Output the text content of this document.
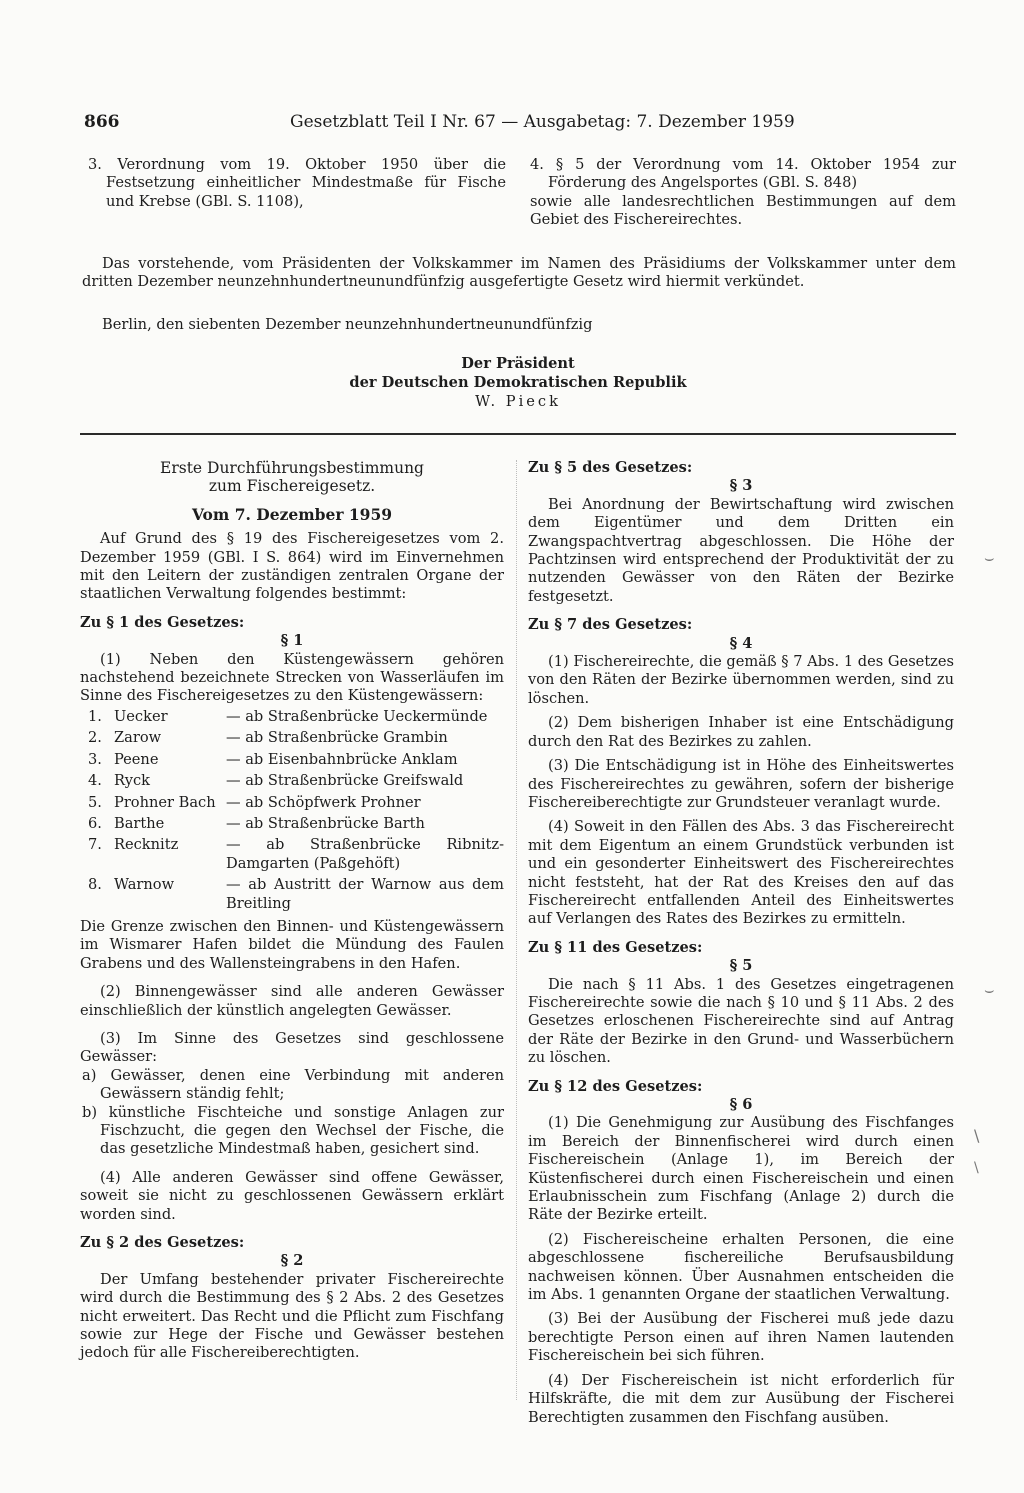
866	Gesetzblatt Teil I Nr. 67 — Ausgabetag: 7. Dezember 1959

3. Verordnung vom 19. Oktober 1950 über die Festsetzung einheitlicher Mindestmaße für Fische und Krebse (GBl. S. 1108),

4. § 5 der Verordnung vom 14. Oktober 1954 zur Förderung des Angelsportes (GBl. S. 848)

sowie alle landesrechtlichen Bestimmungen auf dem Gebiet des Fischereirechtes.

Das vorstehende, vom Präsidenten der Volkskammer im Namen des Präsidiums der Volkskammer unter dem dritten Dezember neunzehnhundertneunundfünfzig ausgefertigte Gesetz wird hiermit verkündet.

Berlin, den siebenten Dezember neunzehnhundertneunundfünfzig

Der Präsident

der Deutschen Demokratischen Republik

W. Pieck

Erste Durchführungsbestimmung

zum Fischereigesetz.

Vom 7. Dezember 1959

Auf Grund des § 19 des Fischereigesetzes vom 2. Dezember 1959 (GBl. I S. 864) wird im Einvernehmen mit den Leitern der zuständigen zentralen Organe der staatlichen Verwaltung folgendes bestimmt:

Zu § 1 des Gesetzes:

§ 1

(1) Neben den Küstengewässern gehören nachstehend bezeichnete Strecken von Wasserläufen im Sinne des Fischereigesetzes zu den Küstengewässern:

1.	Uecker	— ab Straßenbrücke Ueckermünde
2.	Zarow	— ab Straßenbrücke Grambin
3.	Peene	— ab Eisenbahnbrücke Anklam
4.	Ryck	— ab Straßenbrücke Greifswald
5.	Prohner Bach	— ab Schöpfwerk Prohner
6.	Barthe	— ab Straßenbrücke Barth
7.	Recknitz	— ab Straßenbrücke Ribnitz-Damgarten (Paßgehöft)
8.	Warnow	— ab Austritt der Warnow aus dem Breitling

Die Grenze zwischen den Binnen- und Küstengewässern im Wismarer Hafen bildet die Mündung des Faulen Grabens und des Wallensteingrabens in den Hafen.

(2) Binnengewässer sind alle anderen Gewässer einschließlich der künstlich angelegten Gewässer.

(3) Im Sinne des Gesetzes sind geschlossene Gewässer:

a) Gewässer, denen eine Verbindung mit anderen Gewässern ständig fehlt;

b) künstliche Fischteiche und sonstige Anlagen zur Fischzucht, die gegen den Wechsel der Fische, die das gesetzliche Mindestmaß haben, gesichert sind.

(4) Alle anderen Gewässer sind offene Gewässer, soweit sie nicht zu geschlossenen Gewässern erklärt worden sind.

Zu § 2 des Gesetzes:

§ 2

Der Umfang bestehender privater Fischereirechte wird durch die Bestimmung des § 2 Abs. 2 des Gesetzes nicht erweitert. Das Recht und die Pflicht zum Fischfang sowie zur Hege der Fische und Gewässer bestehen jedoch für alle Fischereiberechtigten.

Zu § 5 des Gesetzes:

§ 3

Bei Anordnung der Bewirtschaftung wird zwischen dem Eigentümer und dem Dritten ein Zwangspachtvertrag abgeschlossen. Die Höhe der Pachtzinsen wird entsprechend der Produktivität der zu nutzenden Gewässer von den Räten der Bezirke festgesetzt.

Zu § 7 des Gesetzes:

§ 4

(1) Fischereirechte, die gemäß § 7 Abs. 1 des Gesetzes von den Räten der Bezirke übernommen werden, sind zu löschen.

(2) Dem bisherigen Inhaber ist eine Entschädigung durch den Rat des Bezirkes zu zahlen.

(3) Die Entschädigung ist in Höhe des Einheitswertes des Fischereirechtes zu gewähren, sofern der bisherige Fischereiberechtigte zur Grundsteuer veranlagt wurde.

(4) Soweit in den Fällen des Abs. 3 das Fischereirecht mit dem Eigentum an einem Grundstück verbunden ist und ein gesonderter Einheitswert des Fischereirechtes nicht feststeht, hat der Rat des Kreises den auf das Fischereirecht entfallenden Anteil des Einheitswertes auf Verlangen des Rates des Bezirkes zu ermitteln.

Zu § 11 des Gesetzes:

§ 5

Die nach § 11 Abs. 1 des Gesetzes eingetragenen Fischereirechte sowie die nach § 10 und § 11 Abs. 2 des Gesetzes erloschenen Fischereirechte sind auf Antrag der Räte der Bezirke in den Grund- und Wasserbüchern zu löschen.

Zu § 12 des Gesetzes:

§ 6

(1) Die Genehmigung zur Ausübung des Fischfanges im Bereich der Binnenfischerei wird durch einen Fischereischein (Anlage 1), im Bereich der Küstenfischerei durch einen Fischereischein und einen Erlaubnisschein zum Fischfang (Anlage 2) durch die Räte der Bezirke erteilt.

(2) Fischereischeine erhalten Personen, die eine abgeschlossene fischereiliche Berufsausbildung nachweisen können. Über Ausnahmen entscheiden die im Abs. 1 genannten Organe der staatlichen Verwaltung.

(3) Bei der Ausübung der Fischerei muß jede dazu berechtigte Person einen auf ihren Namen lautenden Fischereischein bei sich führen.

(4) Der Fischereischein ist nicht erforderlich für Hilfskräfte, die mit dem zur Ausübung der Fischerei Berechtigten zusammen den Fischfang ausüben.

⌣
⌣
\
\
